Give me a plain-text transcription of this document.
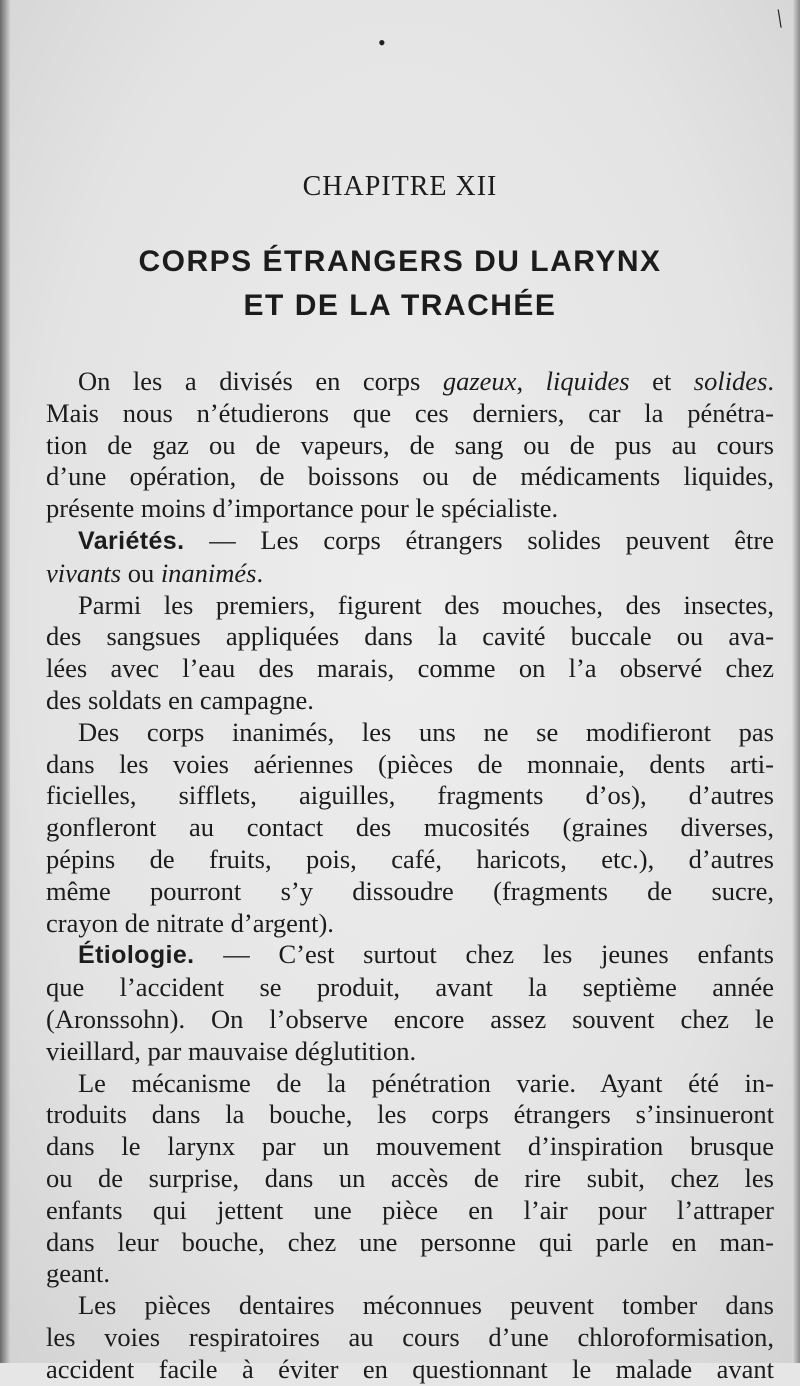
•
\
CHAPITRE XII
CORPS ÉTRANGERS DU LARYNX
ET DE LA TRACHÉE
On les a divisés en corps gazeux, liquides et solides.
Mais nous n’étudierons que ces derniers, car la pénétra-
tion de gaz ou de vapeurs, de sang ou de pus au cours
d’une opération, de boissons ou de médicaments liquides,
présente moins d’importance pour le spécialiste.
Variétés. — Les corps étrangers solides peuvent être
vivants ou inanimés.
Parmi les premiers, figurent des mouches, des insectes,
des sangsues appliquées dans la cavité buccale ou ava-
lées avec l’eau des marais, comme on l’a observé chez
des soldats en campagne.
Des corps inanimés, les uns ne se modifieront pas
dans les voies aériennes (pièces de monnaie, dents arti-
ficielles, sifflets, aiguilles, fragments d’os), d’autres
gonfleront au contact des mucosités (graines diverses,
pépins de fruits, pois, café, haricots, etc.), d’autres
même pourront s’y dissoudre (fragments de sucre,
crayon de nitrate d’argent).
Étiologie. — C’est surtout chez les jeunes enfants
que l’accident se produit, avant la septième année
(Aronssohn). On l’observe encore assez souvent chez le
vieillard, par mauvaise déglutition.
Le mécanisme de la pénétration varie. Ayant été in-
troduits dans la bouche, les corps étrangers s’insinueront
dans le larynx par un mouvement d’inspiration brusque
ou de surprise, dans un accès de rire subit, chez les
enfants qui jettent une pièce en l’air pour l’attraper
dans leur bouche, chez une personne qui parle en man-
geant.
Les pièces dentaires méconnues peuvent tomber dans
les voies respiratoires au cours d’une chloroformisation,
accident facile à éviter en questionnant le malade avant
